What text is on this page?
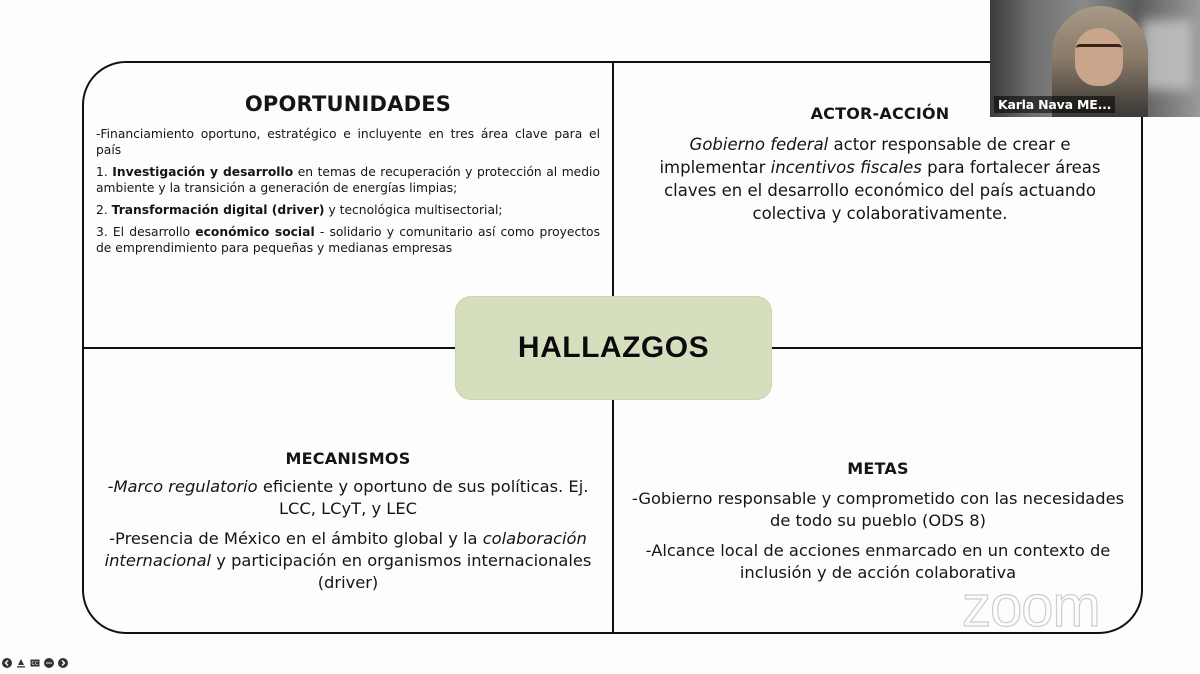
OPORTUNIDADES

-Financiamiento oportuno, estratégico e incluyente en tres área clave para el país

1. Investigación y desarrollo en temas de recuperación y protección al medio ambiente y la transición a generación de energías limpias;

2. Transformación digital (driver) y tecnológica multisectorial;

3. El desarrollo económico social - solidario y comunitario así como proyectos de emprendimiento para pequeñas y medianas empresas

ACTOR-ACCIÓN

Gobierno federal actor responsable de crear e implementar incentivos fiscales para fortalecer áreas claves en el desarrollo económico del país actuando colectiva y colaborativamente.

MECANISMOS

-Marco regulatorio eficiente y oportuno de sus políticas. Ej. LCC, LCyT, y LEC

-Presencia de México en el ámbito global y la colaboración internacional y participación en organismos internacionales (driver)

METAS

-Gobierno responsable y comprometido con las necesidades de todo su pueblo (ODS 8)

-Alcance local de acciones enmarcado en un contexto de inclusión y de acción colaborativa

HALLAZGOS
zoom
Karla Nava ME...
CC
